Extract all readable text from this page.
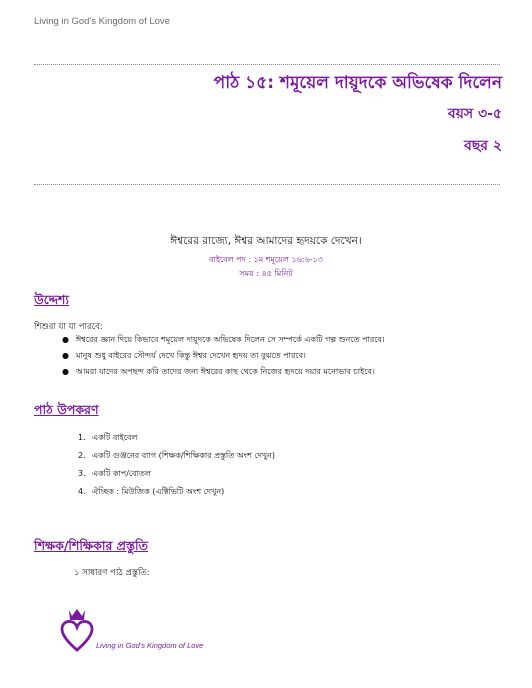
Living in God's Kingdom of Love
পাঠ ১৫: শমূয়েল দায়ূদকে অভিষেক দিলেন
বয়স ৩-৫
বছর ২
ঈশ্বরের রাজ্যে, ঈশ্বর আমাদের হৃদয়কে দেখেন।
বাইবেল পদ : ১ম শমূয়েল ১৬:৬-১৩
সময় : ৪৫ মিনিট
উদ্দেশ্য
শিশুরা যা যা পারবে:
● ঈশ্বরের জ্ঞান দিয়ে কিভাবে শমূয়েল দায়ূদকে অভিষেক দিলেন সে সম্পর্কে একটি গল্প শুনতে পারবে।
● মানুষ শুধু বাইরের সৌন্দর্য দেখে কিন্তু ঈশ্বর দেখেন হৃদয় তা বুঝতে পারবে।
● আমরা যাদের অপছন্দ করি তাদের জন্য ঈশ্বরের কাছ থেকে নিজের হৃদয়ে দয়ার মনোভাব চাইবে।
পাঠ উপকরণ
1. একটি বাইবেল
2. একটি গুঞ্জনের ব্যাগ (শিক্ষক/শিক্ষিকার প্রস্তুতি অংশ দেখুন)
3. একটি কাপ/বোতল
4. ঐচ্ছিক : মিউজিক (এক্টিভিটি অংশ দেখুন)
শিক্ষক/শিক্ষিকার প্রস্তুতি
১ সাধারণ পাঠ প্রস্তুতি:
Living in God's Kingdom of Love
